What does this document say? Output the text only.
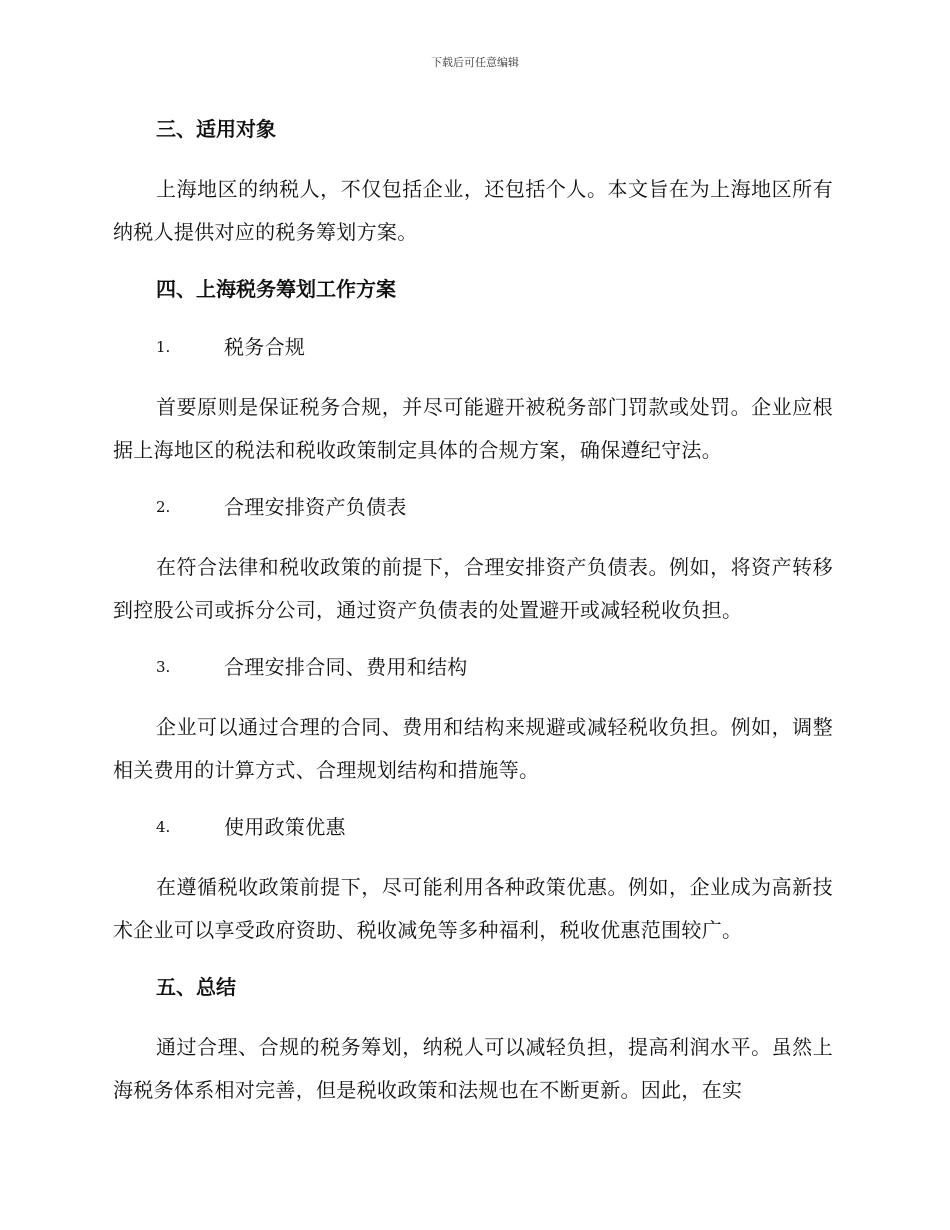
下载后可任意编辑
三、适用对象

上海地区的纳税人，不仅包括企业，还包括个人。本文旨在为上海地区所有纳税人提供对应的税务筹划方案。

四、上海税务筹划工作方案
1.	税务合规

首要原则是保证税务合规，并尽可能避开被税务部门罚款或处罚。企业应根据上海地区的税法和税收政策制定具体的合规方案，确保遵纪守法。

2.	合理安排资产负债表

在符合法律和税收政策的前提下，合理安排资产负债表。例如，将资产转移到控股公司或拆分公司，通过资产负债表的处置避开或减轻税收负担。

3.	合理安排合同、费用和结构

企业可以通过合理的合同、费用和结构来规避或减轻税收负担。例如，调整相关费用的计算方式、合理规划结构和措施等。

4.	使用政策优惠

在遵循税收政策前提下，尽可能利用各种政策优惠。例如，企业成为高新技术企业可以享受政府资助、税收减免等多种福利，税收优惠范围较广。

五、总结

通过合理、合规的税务筹划，纳税人可以减轻负担，提高利润水平。虽然上海税务体系相对完善，但是税收政策和法规也在不断更新。因此，在实
